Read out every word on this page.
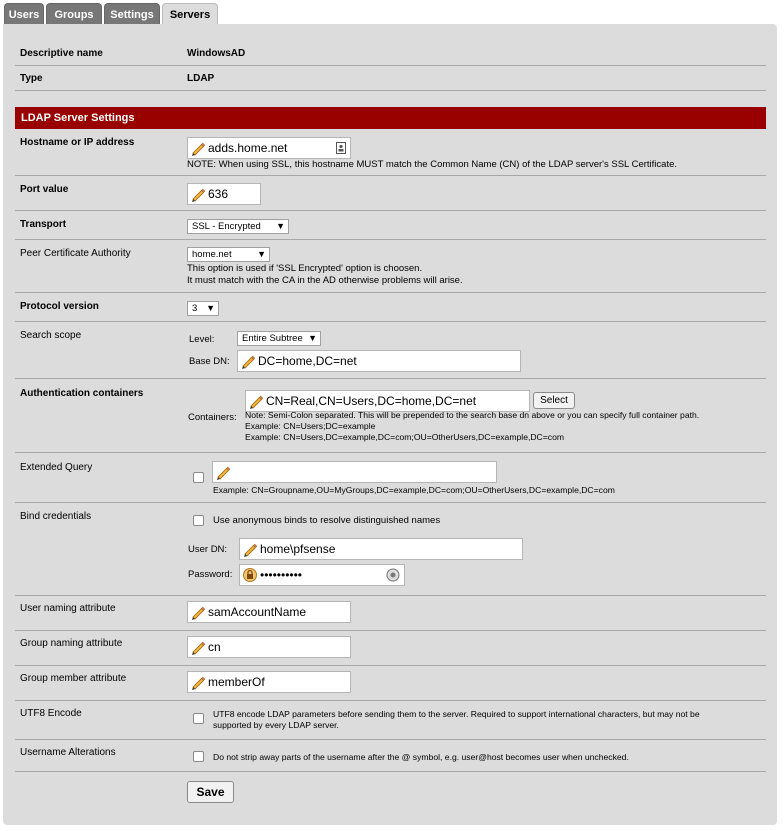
Users	Groups	Settings	Servers
Descriptive name	WindowsAD
Type	LDAP
LDAP Server Settings
Hostname or IP address	adds.home.net
NOTE: When using SSL, this hostname MUST match the Common Name (CN) of the LDAP server's SSL Certificate.
Port value	636
Transport	SSL - Encrypted ▼
Peer Certificate Authority	home.net	▼
This option is used if 'SSL Encrypted' option is choosen.
It must match with the CA in the AD otherwise problems will arise.
Protocol version	3 ▼
Search scope	Level:	Entire Subtree ▼
Base DN:	DC=home,DC=net
Authentication containers
Containers:
CN=Real,CN=Users,DC=home,DC=net	Select
Note: Semi-Colon separated. This will be prepended to the search base dn above or you can specify full container path.
Example: CN=Users;DC=example
Example: CN=Users,DC=example,DC=com;OU=OtherUsers,DC=example,DC=com
Extended Query
Example: CN=Groupname,OU=MyGroups,DC=example,DC=com;OU=OtherUsers,DC=example,DC=com
Bind credentials	Use anonymous binds to resolve distinguished names
User DN:	home\pfsense
Password:	••••••••••
User naming attribute	samAccountName
Group naming attribute	cn
Group member attribute	memberOf
UTF8 Encode	UTF8 encode LDAP parameters before sending them to the server. Required to support international characters, but may not be
supported by every LDAP server.
Username Alterations	Do not strip away parts of the username after the @ symbol, e.g. user@host becomes user when unchecked.
Save
